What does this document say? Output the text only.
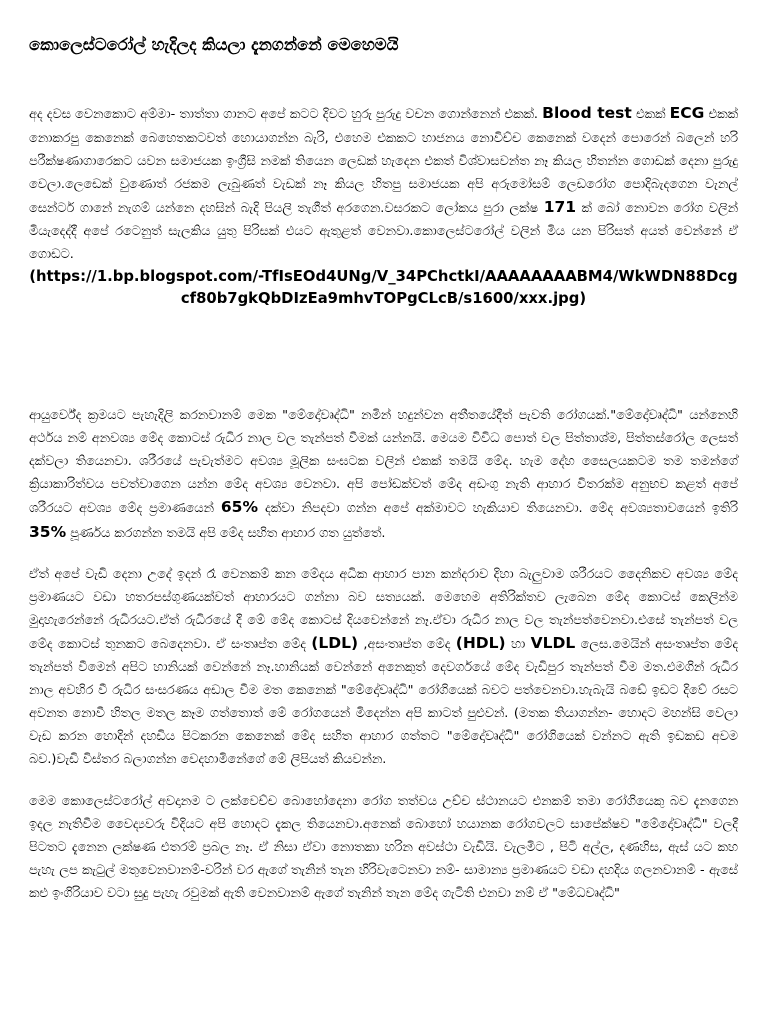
කොලෙස්ටරෝල් හැදිලද කියලා දැනගන්නේ මෙහෙමයි
අද දවස වෙනකොට අම්මා- තාත්තා ගානට අපේ කටට දිවට හුරු පුරුදු වචන ගොන්නෙන් එකක්. Blood test එකක් ECG එකක් නොකරපු කෙනෙක් බෙහෙතකටවත් හොයාගන්න බැරි, එහෙම එකකට හාජනය නොවිච්ච කෙනෙක් වදෙන් පොරෙන් බලෙන් හරි පරීක්ෂණාගාරෙකට යවන සමාජයක ඉංග්‍රීසි නමක් තියෙන ලෙඩක් හැදෙන එකත් විශ්වාසවන්ත නෑ කියල හිතන්න ගොඩක් දෙනා පුරුදු වෙලා.ලෙඩෙක් වුණොත් රජකම ලැබුණත් වැඩක් නෑ කියල හිතපු සමාජයක අපි අරුමෝසම් ලෙඩරෝග පොදිබැදගෙන වැනල් සෙන්ටර් ගානේ නැගම් යන්නෙ දහසින් බැදි පියලි තැගීත් අරගෙන.වසරකට ලෝකය පුරා ලක්ෂ 171 ක් බෝ නොවන රෝග වලින් මියැදෙද්දී අපේ රටෙනුත් සැලකිය යුතු පිරිසක් එයට ඇතුළත් වෙනවා.කොලෙස්ටරෝල් වලින් මිය යන පිරිසත් අයත් වෙන්නේ ඒ ගොඩට.
(https://1.bp.blogspot.com/-TfIsEOd4UNg/V_34PChctkI/AAAAAAAABM4/WkWDN88Dcgcf80b7gkQbDIzEa9mhvTOPgCLcB/s1600/xxx.jpg)
ආයුර්වේද ක්‍රමයට පැහැදිලි කරනවානම් මෙක "මේදෝවෘද්ධි" නමින් හදුන්වන අතීතයේදීත් පැවති රෝගයක්."මේදෝවෘද්ධි" යන්නෙහි අර්ථය නම් අනවශ්‍ය මේද කොටස් රුධිර නාල වල තැන්පත් වීමක් යන්නයි. මෙයම විවිධ පොත් වල පිත්තාශ්ම, පිත්තස්රෝල ලෙසත් දක්වලා තියෙනවා. ශරීරයේ පැවැත්මට අවශ්‍ය මූලික සංඝටක වලින් එකක් තමයි මේද. හැම දේහ සෛලයකටම තම තමන්ගේ ක්‍රියාකාරිත්වය පවත්වාගෙන යන්න මේද අවශ්‍ය වෙනවා. අපි පෝඩක්වත් මේද අඩංගු නැති ආහාර විතරක්ම අනුභව කළත් අපේ ශරීරයට අවශ්‍ය මේද ප්‍රමාණයෙන් 65% දක්වා නිපදවා ගන්න අපේ අක්මාවට හැකියාව තියෙනවා. මේද අවශ්‍යතාවයෙන් ඉතිරි 35% පූර්ණය කරගන්න තමයි අපි මේද සහිත ආහාර ගත යුත්තේ.
ඒත් අපේ වැඩි දෙනා උදේ ඉදන් රෑ වෙනකම් කන මේදය අධික ආහාර පාන කන්දරාව දිහා බැලුවාම ශරීරයට දෛනිකව අවශ්‍ය මේද ප්‍රමාණයට වඩා හතරපස්ගුණයක්වත් ආහාරයට ගන්නා බව සත්‍යයක්. මෙහෙම අතිරික්තව ලැබෙන මේද කොටස් කෙලින්ම මුදාහැරෙන්නේ රුධිරයට.ඒත් රුධිරයේ දී මේ මේද කොටස් දියවෙන්නේ නෑ.ඒවා රුධිර නාල වල තැන්පත්වෙනවා.එසේ තැන්පත් වල මේද කොටස් තුනකට බෙදෙනවා. ඒ සංතෘප්ත මේද (LDL) ,අසංතෘප්ත මේද (HDL) හා VLDL ලෙස.මෙයින් අසංතෘප්ත මේද තැන්පත් වීමෙන් අපිට හානියක් වෙන්නේ නෑ.හානියක් වෙන්නේ අනෙකුත් දෙවර්ගයේ මේද වැඩිපුර තැන්පත් වීම මත.එමගින් රුධිර නාල අවහිර වී රුධිර සංසරණය අඩාල වීම මත කෙනෙක් "මේදෝවෘද්ධි" රෝගියෙක් බවට පත්වෙනවා.හැබැයි බඩේ ඉඩට දිවේ රසට අවනත නොවී හිතල මතල කෑම ගත්තොත් මේ රෝගයෙන් මිදෙන්න අපි කාටත් පුළුවන්. (මතක තියාගන්න- හොදට මහන්සි වෙලා වැඩ කරන හොදින් දහඩිය පිටකරන කෙනෙක් මේද සහිත ආහාර ගත්තට "මේදෝවෘද්ධි" රෝගියෙක් වන්නට ඇති ඉඩකඩ අවම බව.)වැඩි විස්තර බලාගන්න වෙදහාමිනේගේ මේ ලිපියත් කියවන්න.
මෙම කොලෙස්ටරෝල් අවදානම ට ලක්වෙච්ච බොහෝදෙනා රෝග තත්වය උච්ච ස්ථානයට එනකම් තමා රෝගියෙකු බව දැනගෙන ඉදල නැතිවීම වෛද්‍යවරු විදියට අපි හොදට දැකල තියෙනවා.අනෙක් බොහෝ හයානක රෝගවලට සාපේක්ෂව "මේදෝවෘද්ධි" වලදී පිටතට දැනෙන ලක්ෂණ එතරම් ප්‍රබල නෑ. ඒ නිසා ඒවා නොතකා හරින අවස්ථා වැඩියි. වැලමිට , පිටි අල්ල, දණහිස, ඇස් යට කහ පැහැ ලප කැටුල් මතුවෙනවානම්-වරින් වර ඇගේ තැනින් තැන හිරිවැටෙනවා නම්- සාමාන්‍ය ප්‍රමාණයට වඩා දහදිය ගලනවානම් - ඇසේ කළු ඉංගිරියාව වටා සුදු පැහැ රවුමක් ඇති වෙනවානම් ඇගේ තැනින් තැන මේද ගැටිති එනවා නම් ඒ "මේධවෘද්ධි"
